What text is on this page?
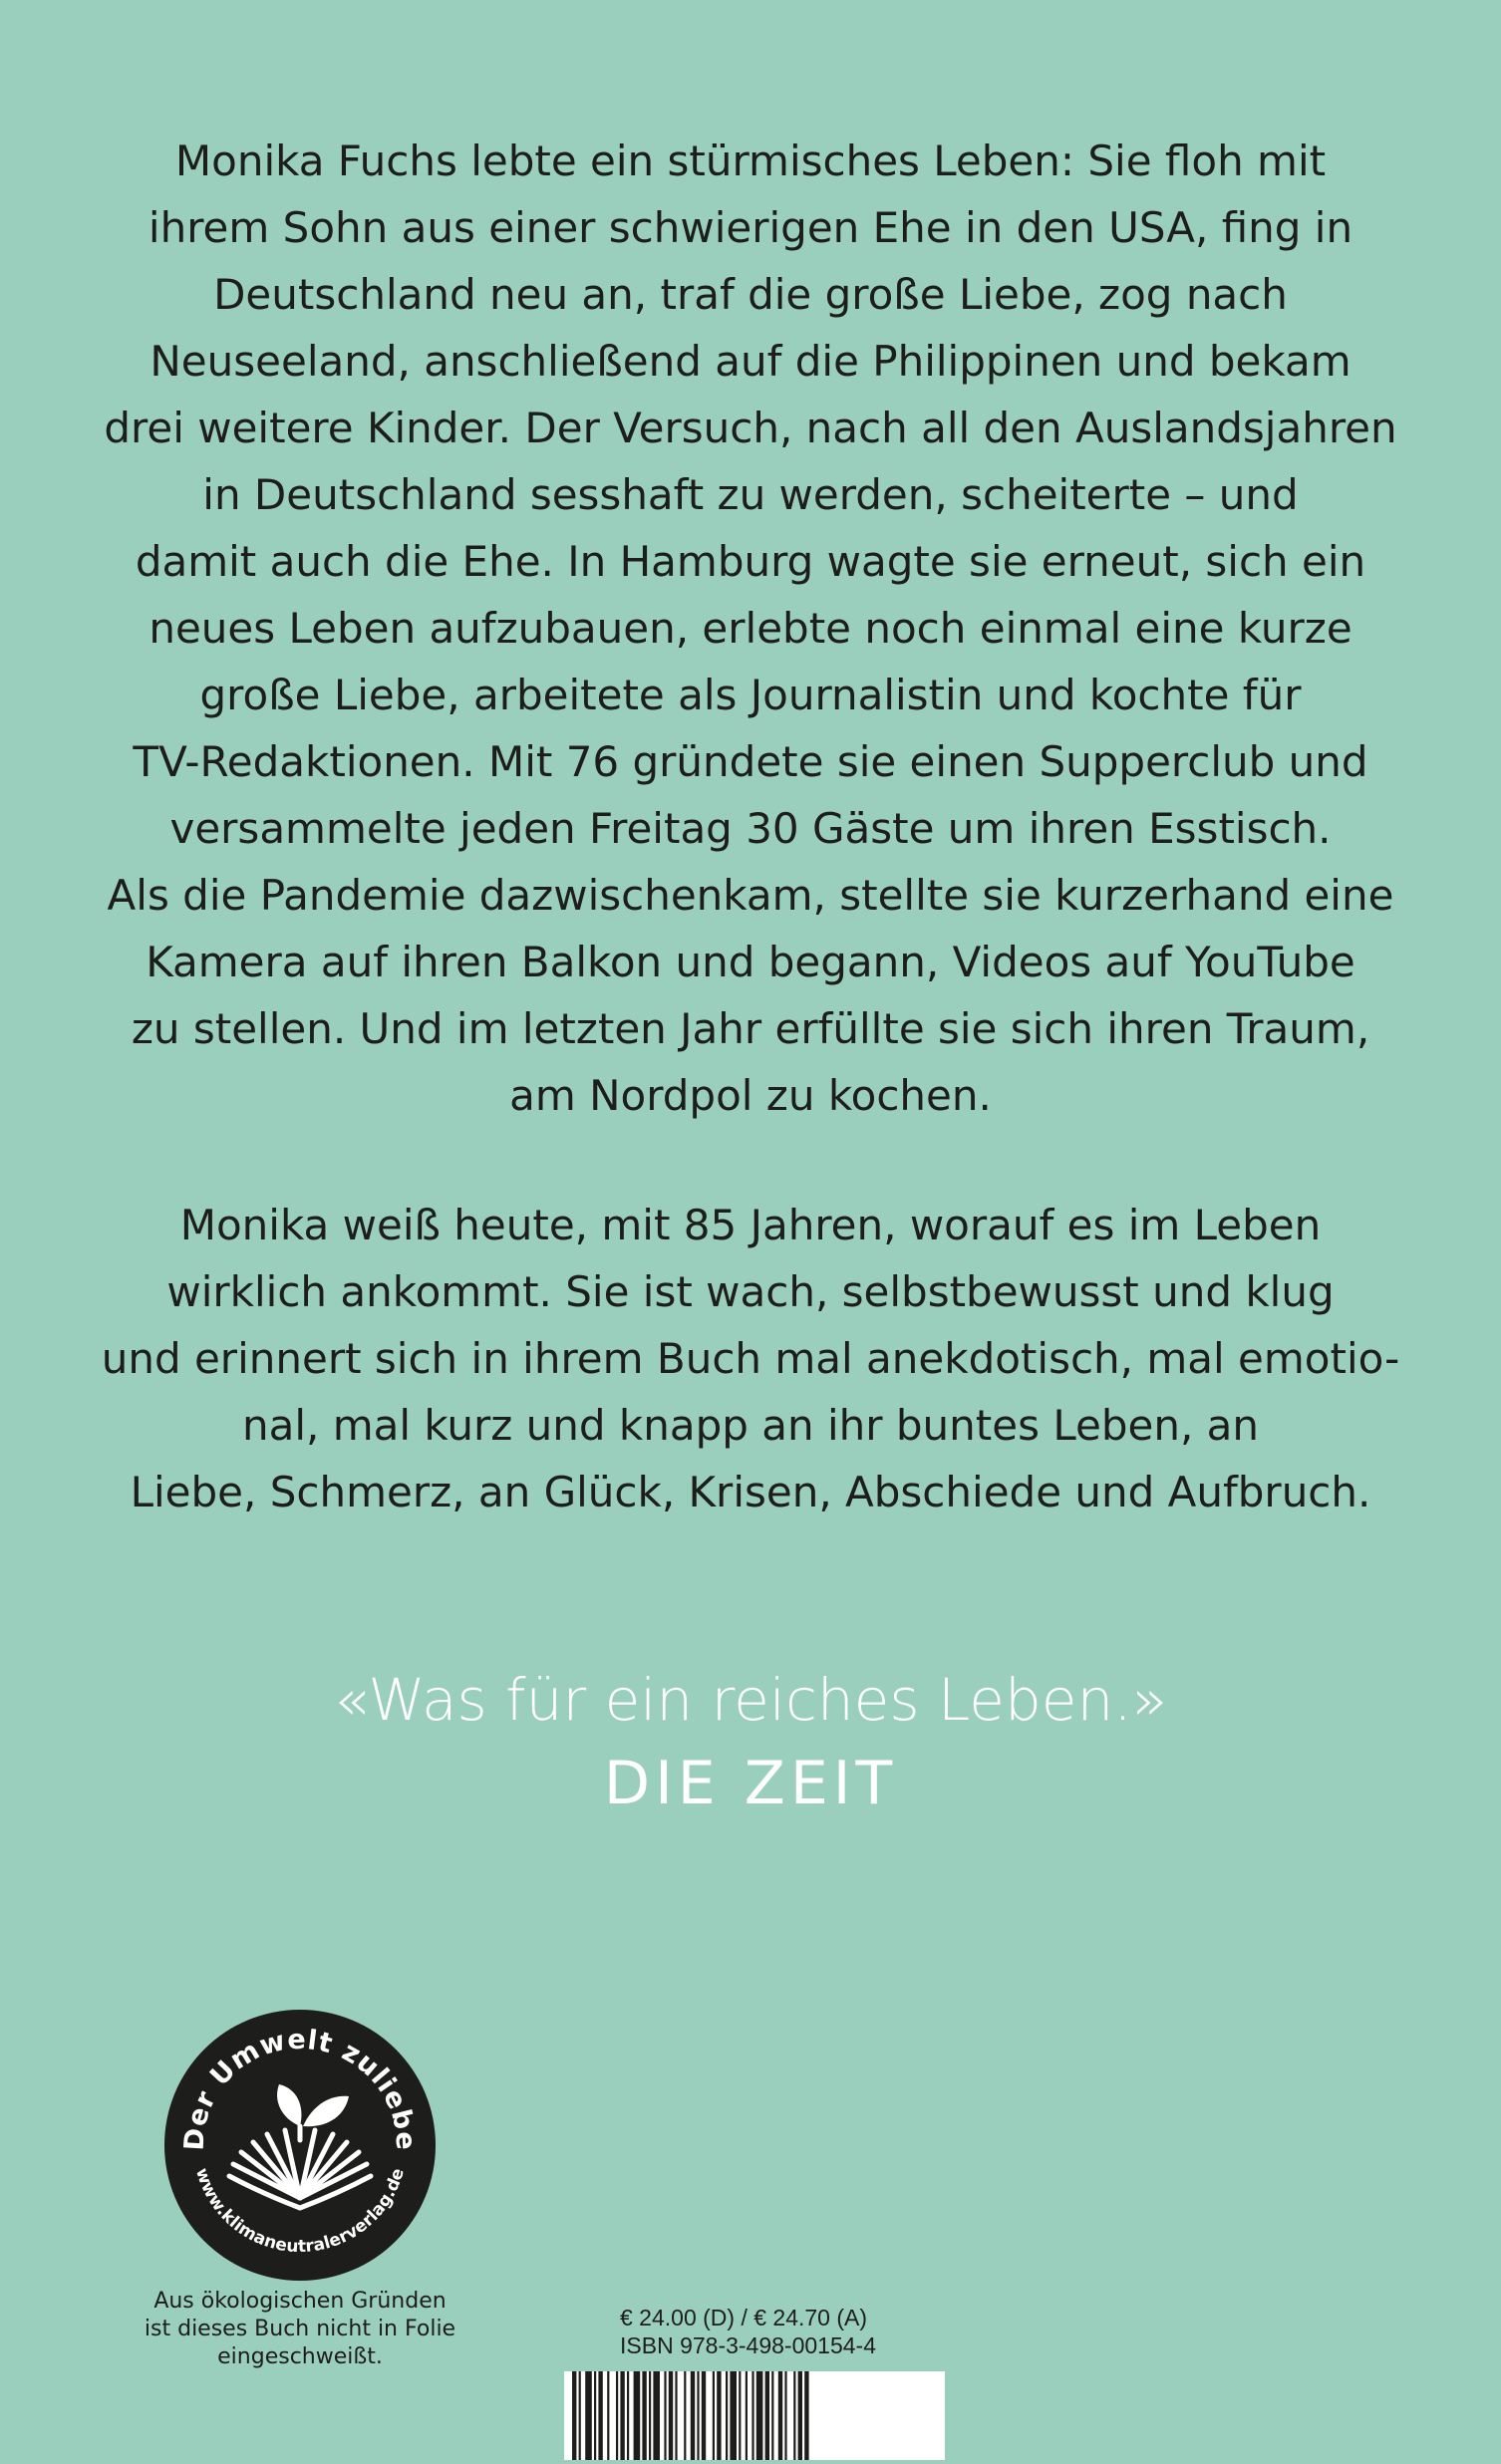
Monika Fuchs lebte ein stürmisches Leben: Sie floh mit
ihrem Sohn aus einer schwierigen Ehe in den USA, fing in
Deutschland neu an, traf die große Liebe, zog nach
Neuseeland, anschließend auf die Philippinen und bekam
drei weitere Kinder. Der Versuch, nach all den Auslandsjahren
in Deutschland sesshaft zu werden, scheiterte – und
damit auch die Ehe. In Hamburg wagte sie erneut, sich ein
neues Leben aufzubauen, erlebte noch einmal eine kurze
große Liebe, arbeitete als Journalistin und kochte für
TV-Redaktionen. Mit 76 gründete sie einen Supperclub und
versammelte jeden Freitag 30 Gäste um ihren Esstisch.
Als die Pandemie dazwischenkam, stellte sie kurzerhand eine
Kamera auf ihren Balkon und begann, Videos auf YouTube
zu stellen. Und im letzten Jahr erfüllte sie sich ihren Traum,
am Nordpol zu kochen.
Monika weiß heute, mit 85 Jahren, worauf es im Leben
wirklich ankommt. Sie ist wach, selbstbewusst und klug
und erinnert sich in ihrem Buch mal anekdotisch, mal emotio-
nal, mal kurz und knapp an ihr buntes Leben, an
Liebe, Schmerz, an Glück, Krisen, Abschiede und Aufbruch.
«Was für ein reiches Leben.»
DIE ZEIT
Der Umwelt zuliebe
www.klimaneutralerverlag.de
Aus ökologischen Gründen
ist dieses Buch nicht in Folie
eingeschweißt.
€ 24.00 (D) / € 24.70 (A)
ISBN 978-3-498-00154-4
